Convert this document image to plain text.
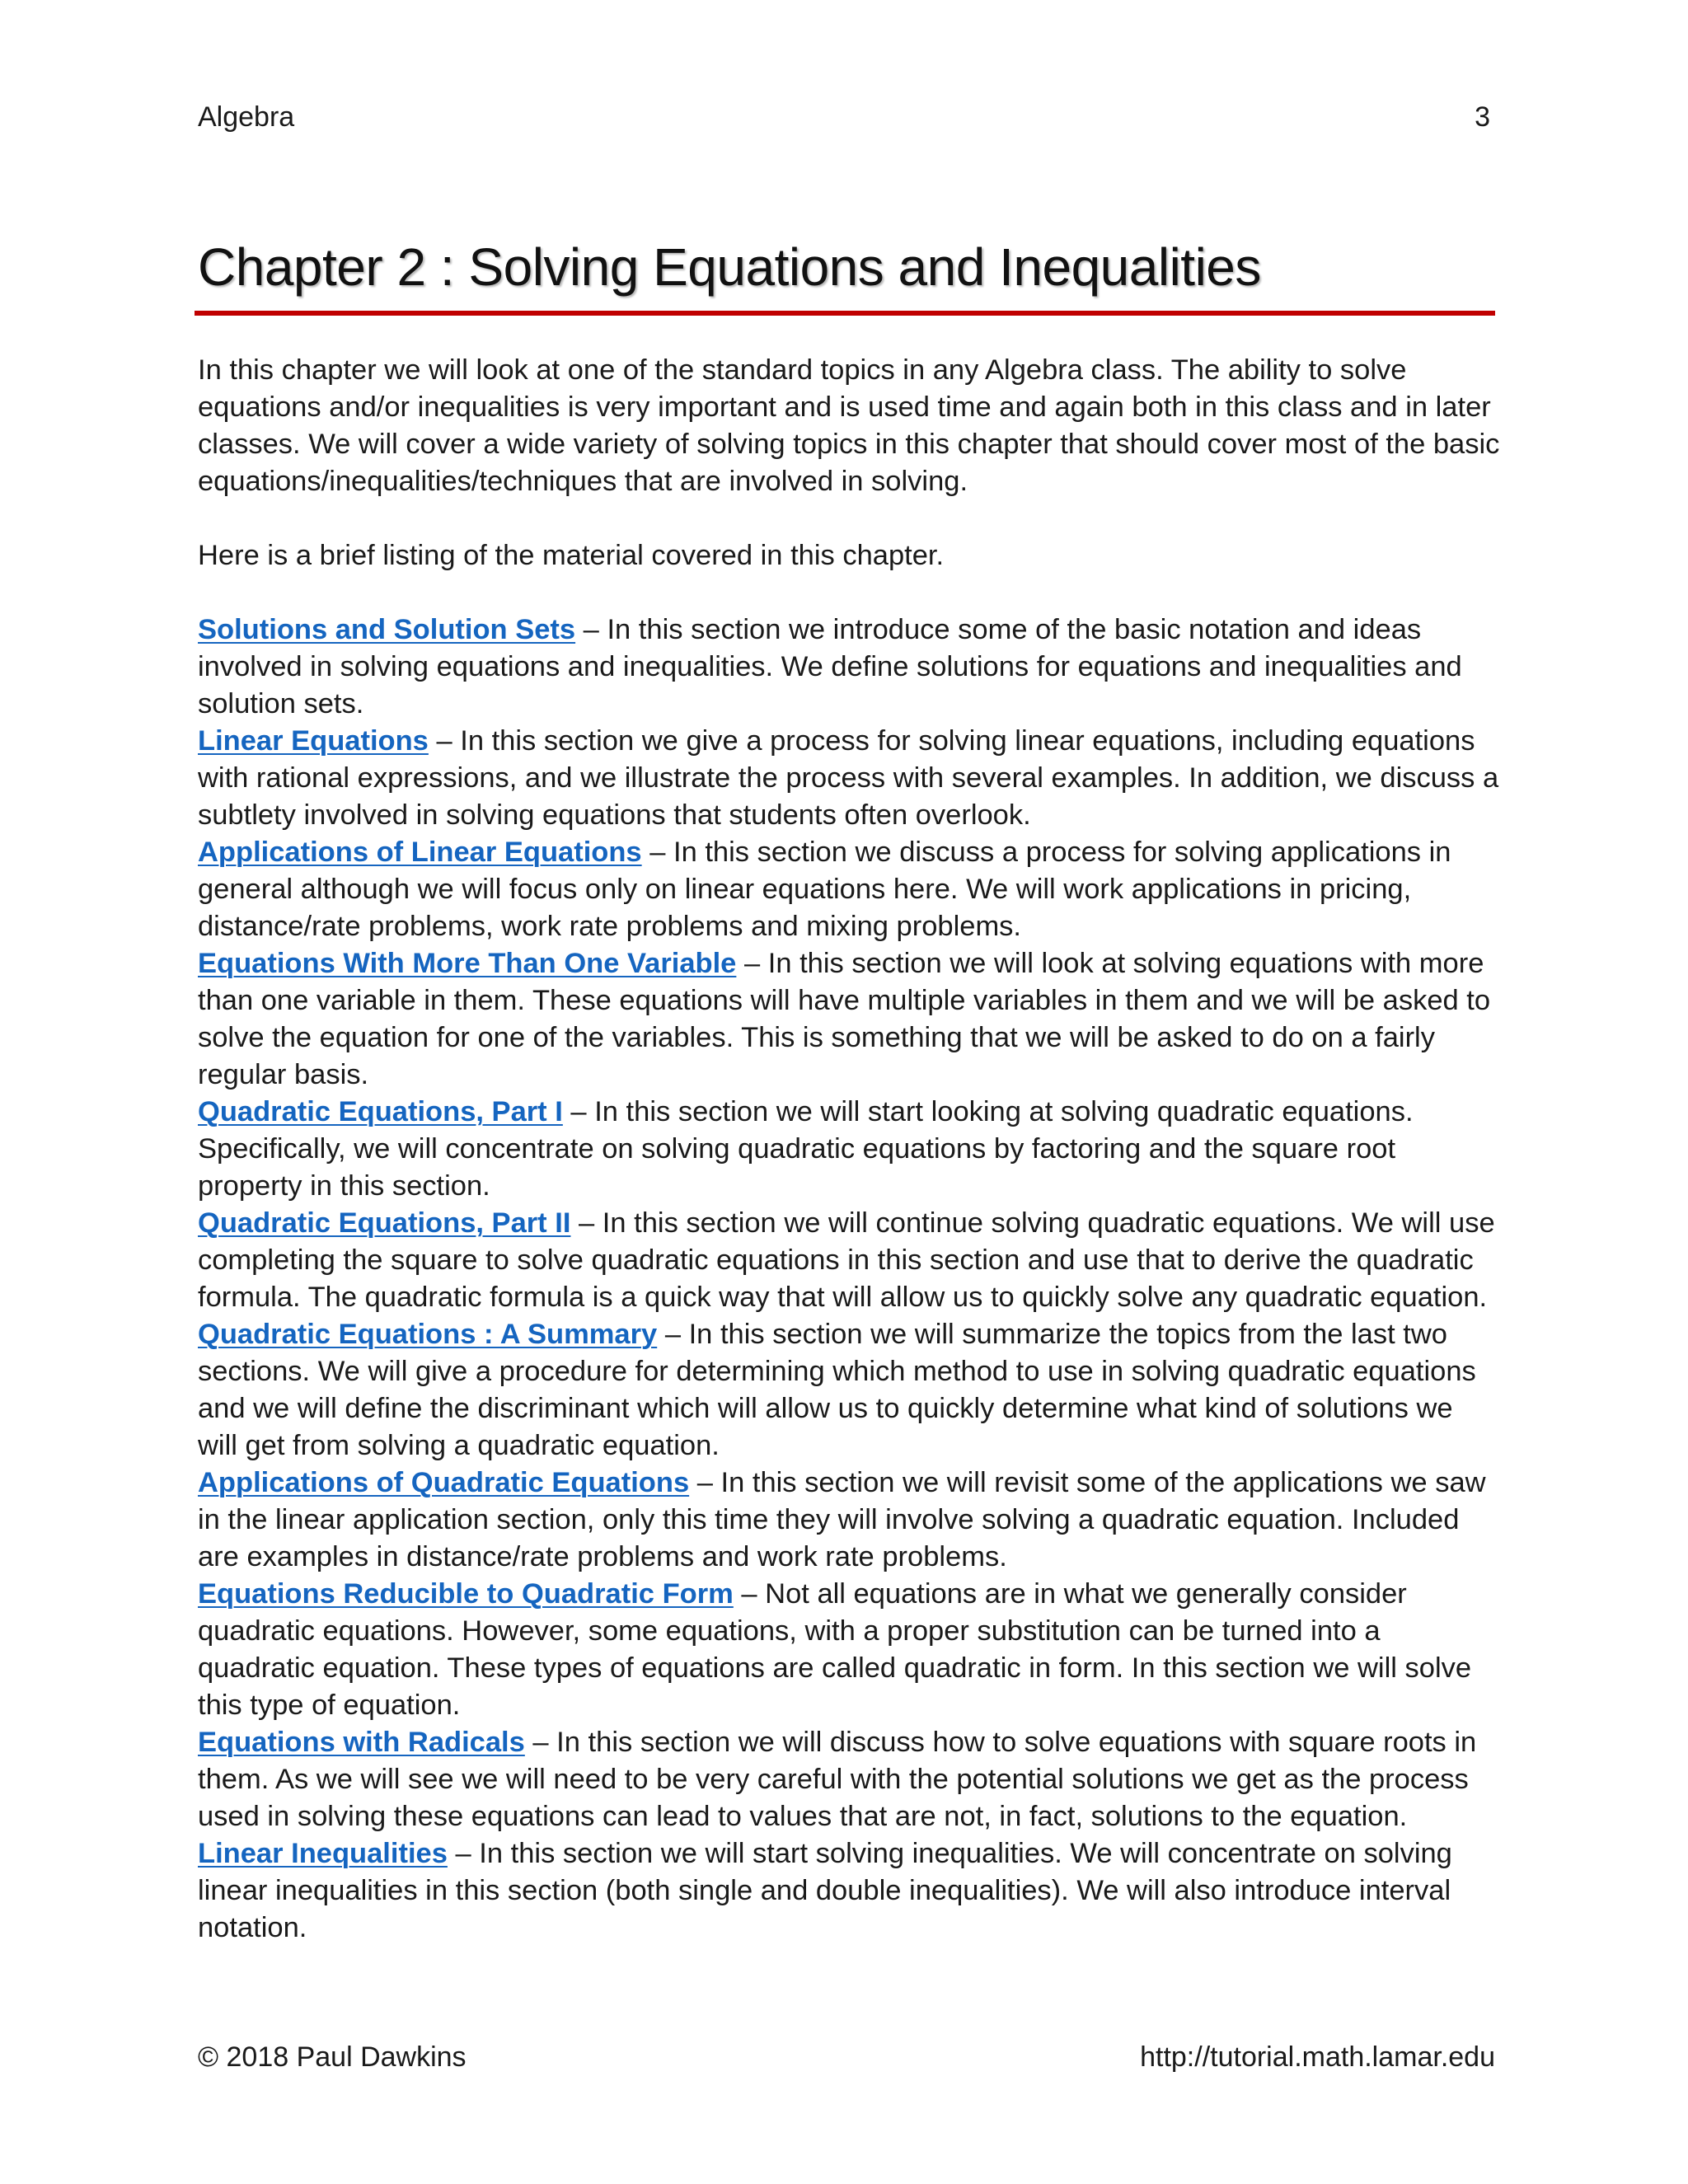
Algebra	3
Chapter 2 : Solving Equations and Inequalities

In this chapter we will look at one of the standard topics in any Algebra class. The ability to solve equations and/or inequalities is very important and is used time and again both in this class and in later classes. We will cover a wide variety of solving topics in this chapter that should cover most of the basic equations/inequalities/techniques that are involved in solving.

Here is a brief listing of the material covered in this chapter.

Solutions and Solution Sets – In this section we introduce some of the basic notation and ideas involved in solving equations and inequalities. We define solutions for equations and inequalities and solution sets.

Linear Equations – In this section we give a process for solving linear equations, including equations with rational expressions, and we illustrate the process with several examples. In addition, we discuss a subtlety involved in solving equations that students often overlook.

Applications of Linear Equations – In this section we discuss a process for solving applications in general although we will focus only on linear equations here. We will work applications in pricing, distance/rate problems, work rate problems and mixing problems.

Equations With More Than One Variable – In this section we will look at solving equations with more than one variable in them. These equations will have multiple variables in them and we will be asked to solve the equation for one of the variables. This is something that we will be asked to do on a fairly regular basis.

Quadratic Equations, Part I – In this section we will start looking at solving quadratic equations. Specifically, we will concentrate on solving quadratic equations by factoring and the square root property in this section.

Quadratic Equations, Part II – In this section we will continue solving quadratic equations. We will use completing the square to solve quadratic equations in this section and use that to derive the quadratic formula. The quadratic formula is a quick way that will allow us to quickly solve any quadratic equation.

Quadratic Equations : A Summary – In this section we will summarize the topics from the last two sections. We will give a procedure for determining which method to use in solving quadratic equations and we will define the discriminant which will allow us to quickly determine what kind of solutions we will get from solving a quadratic equation.

Applications of Quadratic Equations – In this section we will revisit some of the applications we saw in the linear application section, only this time they will involve solving a quadratic equation. Included are examples in distance/rate problems and work rate problems.

Equations Reducible to Quadratic Form – Not all equations are in what we generally consider quadratic equations. However, some equations, with a proper substitution can be turned into a quadratic equation. These types of equations are called quadratic in form. In this section we will solve this type of equation.

Equations with Radicals – In this section we will discuss how to solve equations with square roots in them. As we will see we will need to be very careful with the potential solutions we get as the process used in solving these equations can lead to values that are not, in fact, solutions to the equation.

Linear Inequalities – In this section we will start solving inequalities. We will concentrate on solving linear inequalities in this section (both single and double inequalities). We will also introduce interval notation.

© 2018 Paul Dawkins	http://tutorial.math.lamar.edu
